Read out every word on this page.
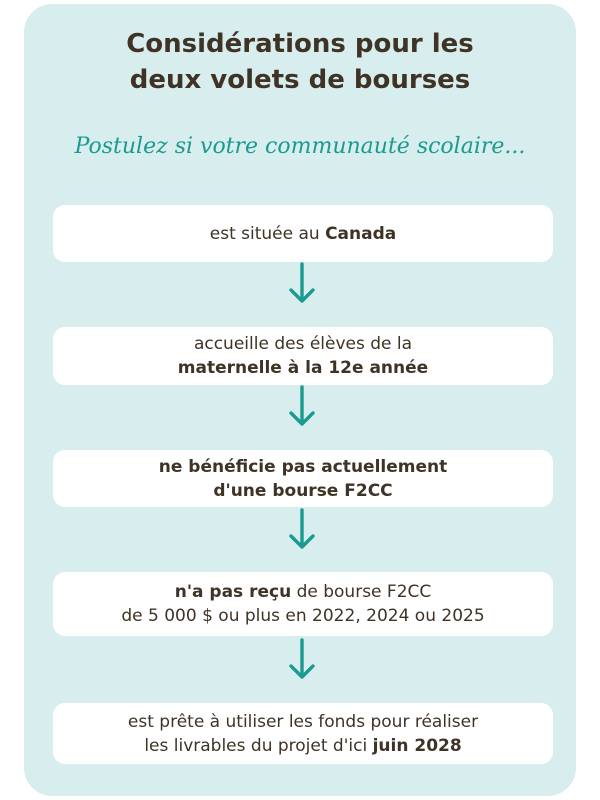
Considérations pour les
deux volets de bourses

Postulez si votre communauté scolaire...

est située au Canada
accueille des élèves de la
maternelle à la 12e année
ne bénéficie pas actuellement
d'une bourse F2CC
n'a pas reçu de bourse F2CC
de 5 000 $ ou plus en 2022, 2024 ou 2025
est prête à utiliser les fonds pour réaliser
les livrables du projet d'ici juin 2028
